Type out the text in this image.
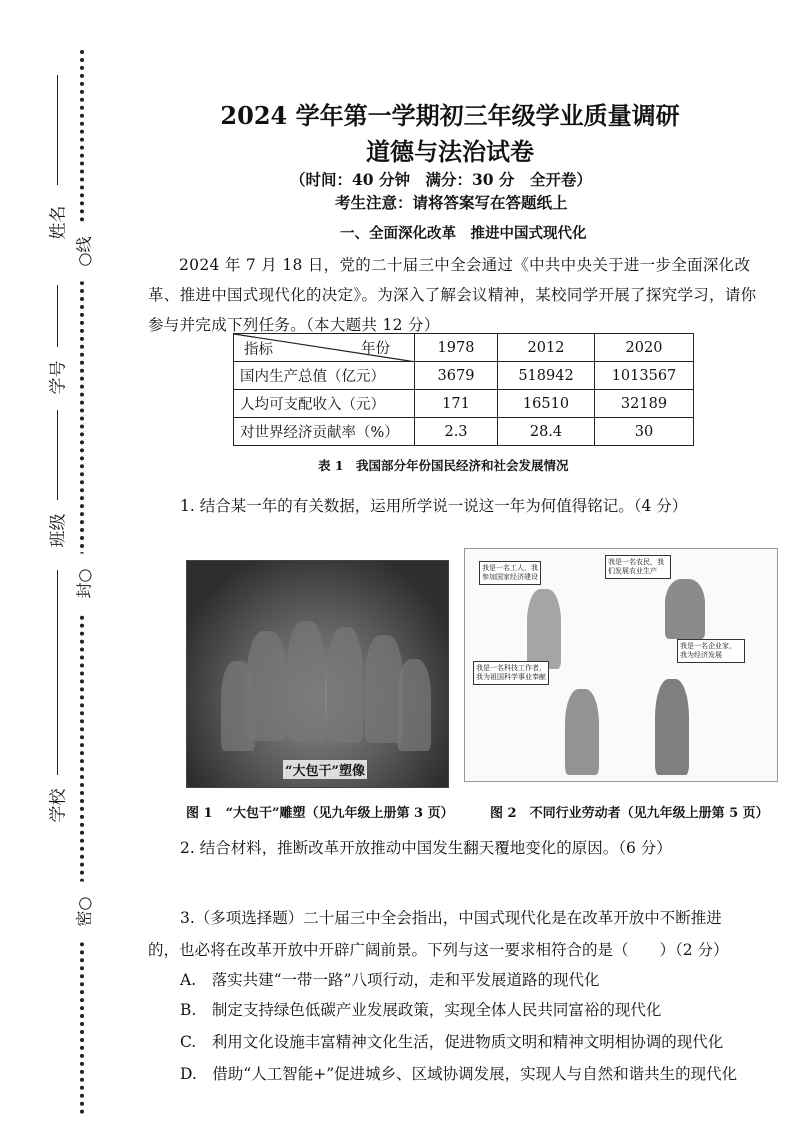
姓名
学号
班级
学校
○线
封○
密○
2024 学年第一学期初三年级学业质量调研
道德与法治试卷
（时间：40 分钟　满分：30 分　全开卷）
考生注意：请将答案写在答题纸上
一、全面深化改革　推进中国式现代化
2024 年 7 月 18 日，党的二十届三中全会通过《中共中央关于进一步全面深化改革、推进中国式现代化的决定》。为深入了解会议精神，某校同学开展了探究学习，请你参与并完成下列任务。（本大题共 12 分）
指标 年份	1978	2012	2020
国内生产总值（亿元）	3679	518942	1013567
人均可支配收入（元）	171	16510	32189
对世界经济贡献率（%）	2.3	28.4	30
表 1　我国部分年份国民经济和社会发展情况
1. 结合某一年的有关数据，运用所学说一说这一年为何值得铭记。（4 分）
“大包干”塑像
我是一名工人，我参加国家经济建设
我是一名农民，我们发展农业生产
我是一名企业家，我为经济发展
我是一名科技工作者，我为祖国科学事业奉献
图 1　“大包干”雕塑（见九年级上册第 3 页）	图 2　不同行业劳动者（见九年级上册第 5 页）
2. 结合材料，推断改革开放推动中国发生翻天覆地变化的原因。（6 分）
3.（多项选择题）二十届三中全会指出，中国式现代化是在改革开放中不断推进
的，也必将在改革开放中开辟广阔前景。下列与这一要求相符合的是（　　）（2 分）
A.　落实共建“一带一路”八项行动，走和平发展道路的现代化
B.　制定支持绿色低碳产业发展政策，实现全体人民共同富裕的现代化
C.　利用文化设施丰富精神文化生活，促进物质文明和精神文明相协调的现代化
D.　借助“人工智能+”促进城乡、区域协调发展，实现人与自然和谐共生的现代化
